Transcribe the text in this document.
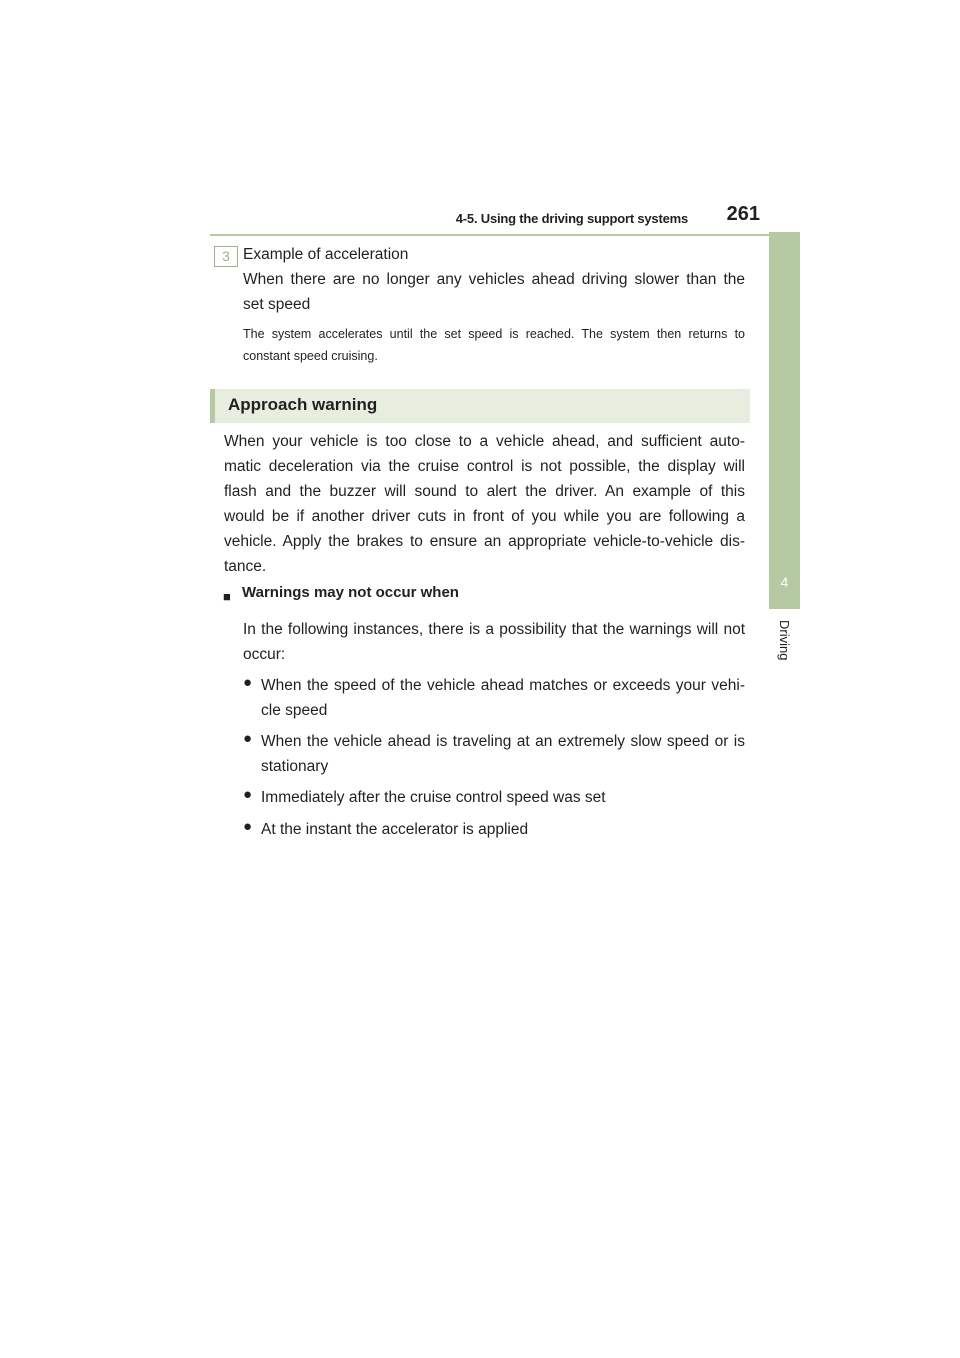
4-5. Using the driving support systems 261
4
Driving
3 Example of acceleration
When there are no longer any vehicles ahead driving slower than the
set speed
The system accelerates until the set speed is reached. The system then returns to
constant speed cruising.
Approach warning
When your vehicle is too close to a vehicle ahead, and sufficient auto-
matic deceleration via the cruise control is not possible, the display will
flash and the buzzer will sound to alert the driver. An example of this
would be if another driver cuts in front of you while you are following a
vehicle. Apply the brakes to ensure an appropriate vehicle-to-vehicle dis-
tance.
■ Warnings may not occur when
In the following instances, there is a possibility that the warnings will not
occur:
● When the speed of the vehicle ahead matches or exceeds your vehi-
cle speed
● When the vehicle ahead is traveling at an extremely slow speed or is
stationary
● Immediately after the cruise control speed was set
● At the instant the accelerator is applied
